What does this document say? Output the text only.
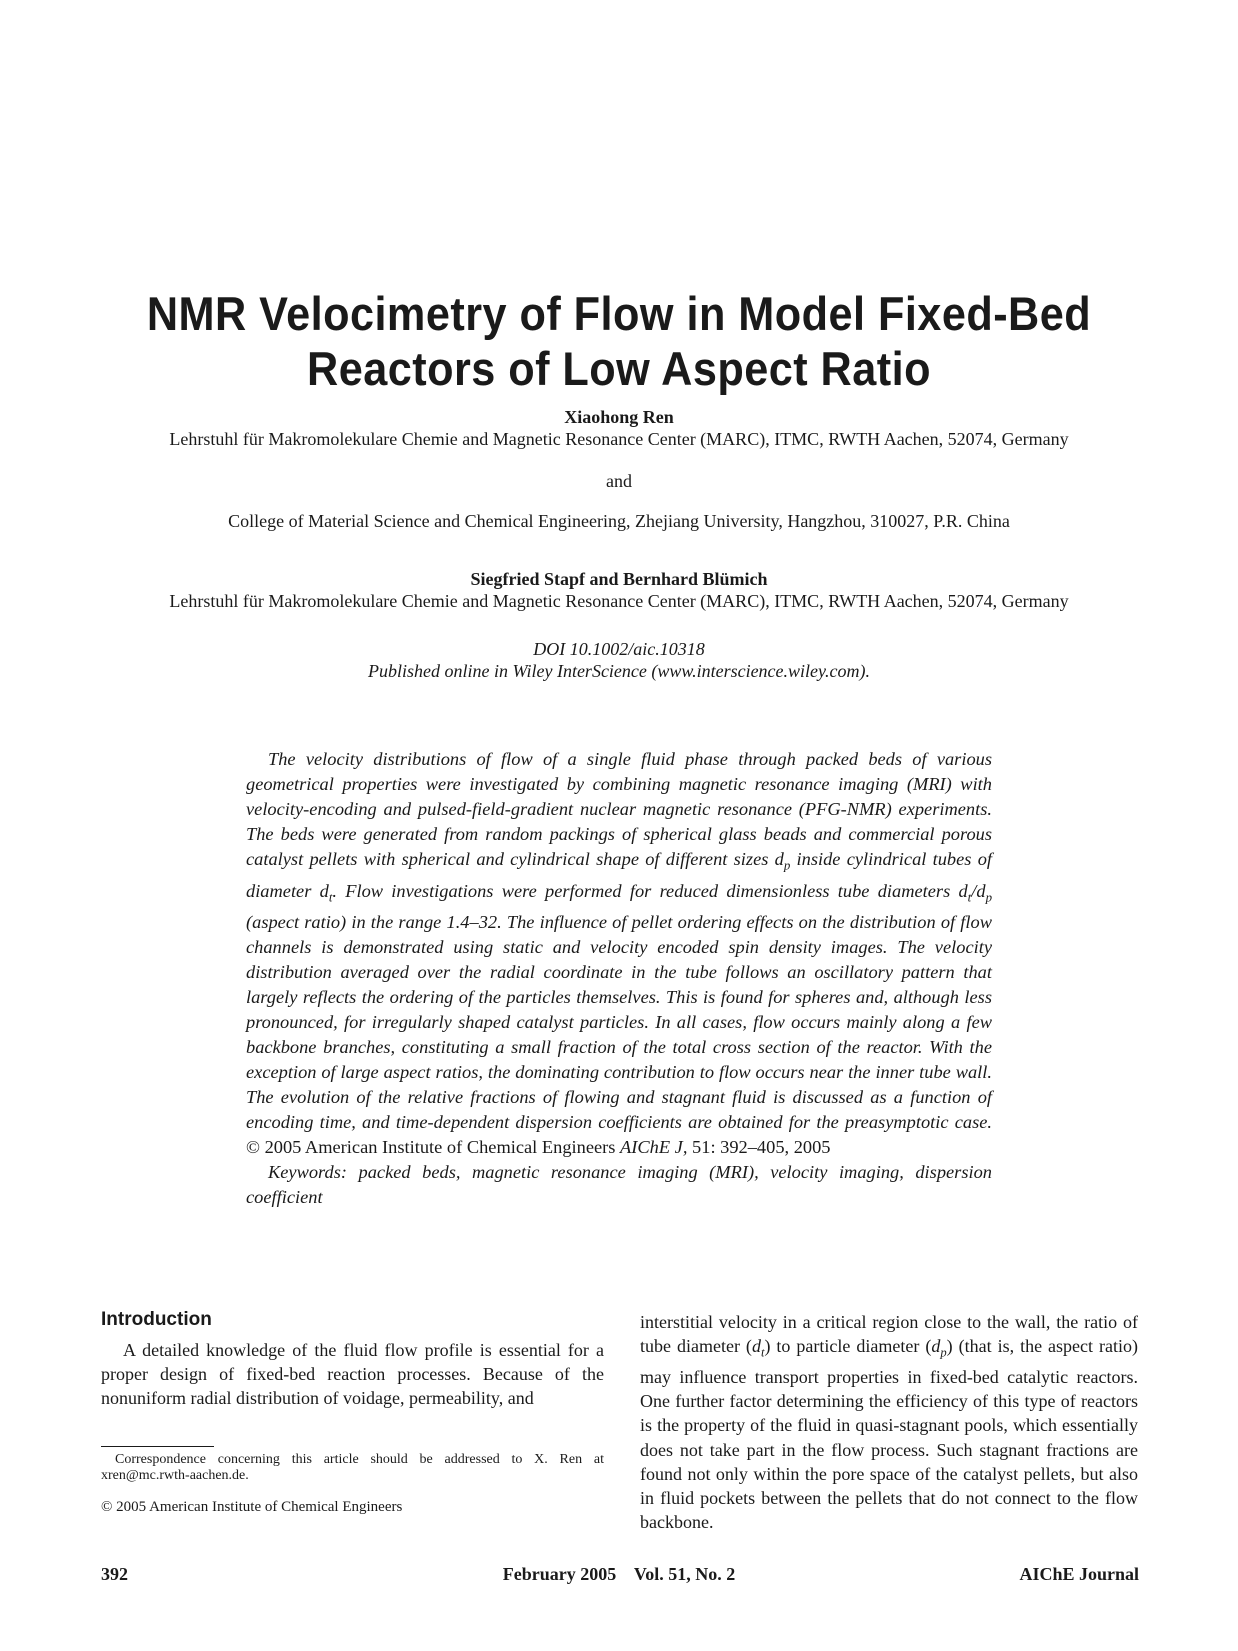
NMR Velocimetry of Flow in Model Fixed-Bed
Reactors of Low Aspect Ratio
Xiaohong Ren
Lehrstuhl für Makromolekulare Chemie and Magnetic Resonance Center (MARC), ITMC, RWTH Aachen, 52074, Germany
and
College of Material Science and Chemical Engineering, Zhejiang University, Hangzhou, 310027, P.R. China
Siegfried Stapf and Bernhard Blümich
Lehrstuhl für Makromolekulare Chemie and Magnetic Resonance Center (MARC), ITMC, RWTH Aachen, 52074, Germany
DOI 10.1002/aic.10318
Published online in Wiley InterScience (www.interscience.wiley.com).

The velocity distributions of flow of a single fluid phase through packed beds of various geometrical properties were investigated by combining magnetic resonance imaging (MRI) with velocity-encoding and pulsed-field-gradient nuclear magnetic resonance (PFG-NMR) experiments. The beds were generated from random packings of spherical glass beads and commercial porous catalyst pellets with spherical and cylindrical shape of different sizes $d_p$ inside cylindrical tubes of diameter $d_t$. Flow investigations were performed for reduced dimensionless tube diameters $d_t/d_p$ (aspect ratio) in the range 1.4–32. The influence of pellet ordering effects on the distribution of flow channels is demonstrated using static and velocity encoded spin density images. The velocity distribution averaged over the radial coordinate in the tube follows an oscillatory pattern that largely reflects the ordering of the particles themselves. This is found for spheres and, although less pronounced, for irregularly shaped catalyst particles. In all cases, flow occurs mainly along a few backbone branches, constituting a small fraction of the total cross section of the reactor. With the exception of large aspect ratios, the dominating contribution to flow occurs near the inner tube wall. The evolution of the relative fractions of flowing and stagnant fluid is discussed as a function of encoding time, and time-dependent dispersion coefficients are obtained for the preasymptotic case. © 2005 American Institute of Chemical Engineers AIChE J, 51: 392–405, 2005

Keywords: packed beds, magnetic resonance imaging (MRI), velocity imaging, dispersion coefficient

Introduction

A detailed knowledge of the fluid flow profile is essential for a proper design of fixed-bed reaction processes. Because of the nonuniform radial distribution of voidage, permeability, and

interstitial velocity in a critical region close to the wall, the ratio of tube diameter $(d_t)$ to particle diameter $(d_p)$ (that is, the aspect ratio) may influence transport properties in fixed-bed catalytic reactors. One further factor determining the efficiency of this type of reactors is the property of the fluid in quasi-stagnant pools, which essentially does not take part in the flow process. Such stagnant fractions are found not only within the pore space of the catalyst pellets, but also in fluid pockets between the pellets that do not connect to the flow backbone.

Correspondence concerning this article should be addressed to X. Ren at xren@mc.rwth-aachen.de.

© 2005 American Institute of Chemical Engineers
392	February 2005    Vol. 51, No. 2	AIChE Journal
